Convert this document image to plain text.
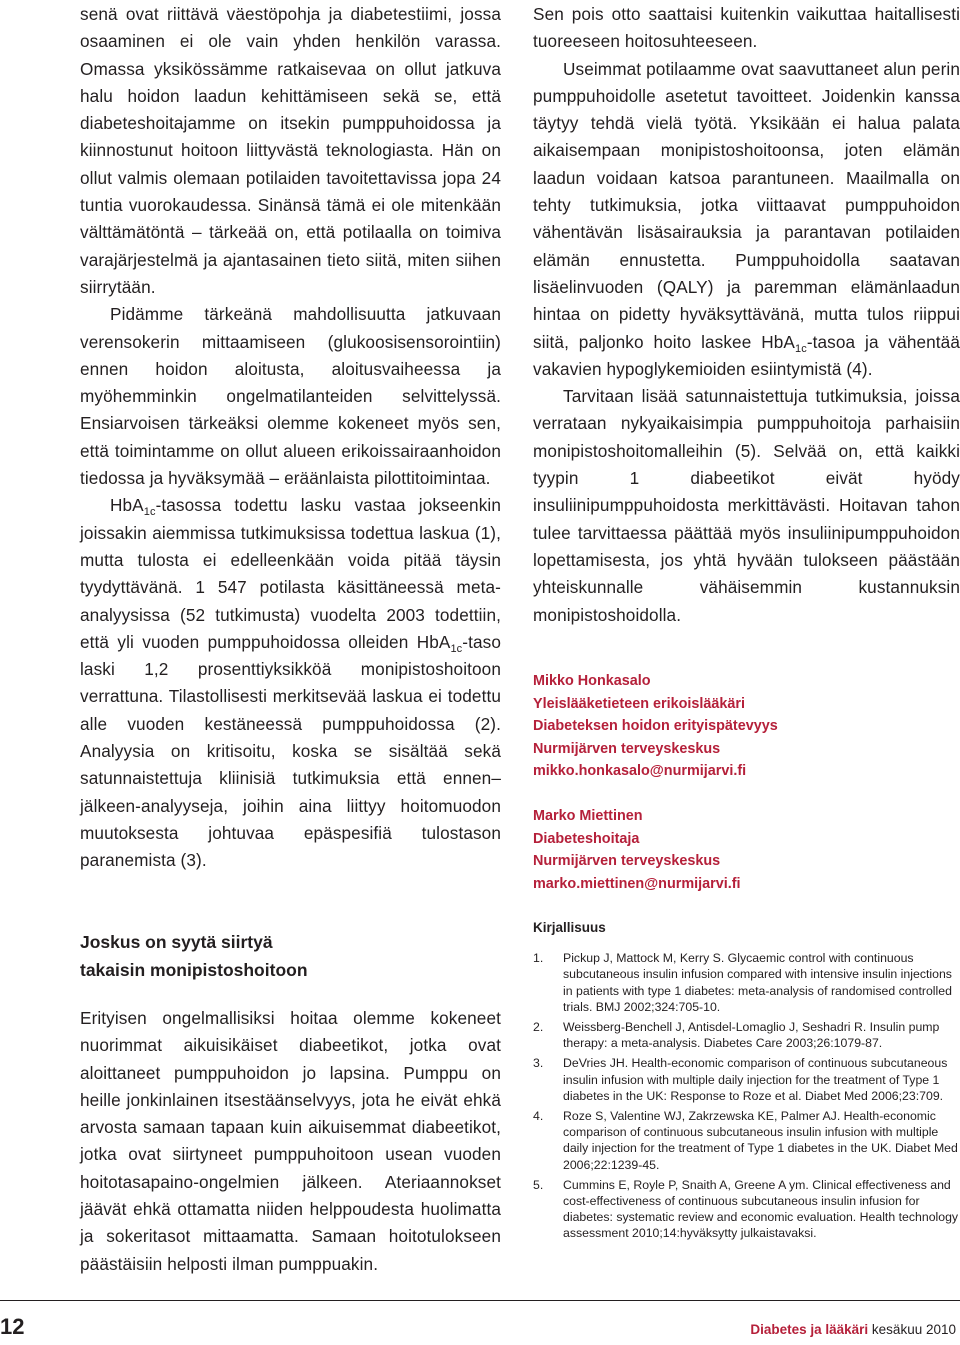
senä ovat riittävä väestöpohja ja diabetestiimi, jossa osaaminen ei ole vain yhden henkilön varassa. Omassa yksikössämme ratkaisevaa on ollut jatkuva halu hoidon laadun kehittämiseen sekä se, että diabeteshoitajamme on itsekin pumppuhoidossa ja kiinnostunut hoitoon liittyvästä teknologiasta. Hän on ollut valmis olemaan potilaiden tavoitettavissa jopa 24 tuntia vuorokaudessa. Sinänsä tämä ei ole mitenkään välttämätöntä – tärkeää on, että potilaalla on toimiva varajärjestelmä ja ajantasainen tieto siitä, miten siihen siirrytään.

Pidämme tärkeänä mahdollisuutta jatkuvaan verensokerin mittaamiseen (glukoosisensorointiin) ennen hoidon aloitusta, aloitusvaiheessa ja myöhemminkin ongelmatilanteiden selvittelyssä. Ensiarvoisen tärkeäksi olemme kokeneet myös sen, että toimintamme on ollut alueen erikoissairaanhoidon tiedossa ja hyväksymää – eräänlaista pilottitoimintaa.

HbA$_{1c}$-tasossa todettu lasku vastaa jokseenkin joissakin aiemmissa tutkimuksissa todettua laskua (1), mutta tulosta ei edelleenkään voida pitää täysin tyydyttävänä. 1 547 potilasta käsittäneessä meta-analyysissa (52 tutkimusta) vuodelta 2003 todettiin, että yli vuoden pumppuhoidossa olleiden HbA$_{1c}$-taso laski 1,2 prosenttiyksikköä monipistoshoitoon verrattuna. Tilastollisesti merkitsevää laskua ei todettu alle vuoden kestäneessä pumppuhoidossa (2). Analyysia on kritisoitu, koska se sisältää sekä satunnaistettuja kliinisiä tutkimuksia että ennen–jälkeen-analyyseja, joihin aina liittyy hoitomuodon muutoksesta johtuvaa epäspesifiä tulostason paranemista (3).

Joskus on syytä siirtyä
takaisin monipistoshoitoon

Erityisen ongelmallisiksi hoitaa olemme kokeneet nuorimmat aikuisikäiset diabeetikot, jotka ovat aloittaneet pumppuhoidon jo lapsina. Pumppu on heille jonkinlainen itsestäänselvyys, jota he eivät ehkä arvosta samaan tapaan kuin aikuisemmat diabeetikot, jotka ovat siirtyneet pumppuhoitoon usean vuoden hoitotasapaino-ongelmien jälkeen. Ateriaannokset jäävät ehkä ottamatta niiden helppoudesta huolimatta ja sokeritasot mittaamatta. Samaan hoitotulokseen päästäisiin helposti ilman pumppuakin.

Sen pois otto saattaisi kuitenkin vaikuttaa haitallisesti tuoreeseen hoitosuhteeseen.

Useimmat potilaamme ovat saavuttaneet alun perin pumppuhoidolle asetetut tavoitteet. Joidenkin kanssa täytyy tehdä vielä työtä. Yksikään ei halua palata aikaisempaan monipistoshoitoonsa, joten elämän laadun voidaan katsoa parantuneen. Maailmalla on tehty tutkimuksia, jotka viittaavat pumppuhoidon vähentävän lisäsairauksia ja parantavan potilaiden elämän ennustetta. Pumppuhoidolla saatavan lisäelinvuoden (QALY) ja paremman elämänlaadun hintaa on pidetty hyväksyttävänä, mutta tulos riippui siitä, paljonko hoito laskee HbA$_{1c}$-tasoa ja vähentää vakavien hypoglykemioiden esiintymistä (4).

Tarvitaan lisää satunnaistettuja tutkimuksia, joissa verrataan nykyaikaisimpia pumppuhoitoja parhaisiin monipistoshoitomalleihin (5). Selvää on, että kaikki tyypin 1 diabeetikot eivät hyödy insuliinipumppuhoidosta merkittävästi. Hoitavan tahon tulee tarvittaessa päättää myös insuliinipumppuhoidon lopettamisesta, jos yhtä hyvään tulokseen päästään yhteiskunnalle vähäisemmin kustannuksin monipistoshoidolla.

Mikko Honkasalo
Yleislääketieteen erikoislääkäri
Diabeteksen hoidon erityispätevyys
Nurmijärven terveyskeskus
mikko.honkasalo@nurmijarvi.fi
Marko Miettinen
Diabeteshoitaja
Nurmijärven terveyskeskus
marko.miettinen@nurmijarvi.fi
Kirjallisuus
1.	Pickup J, Mattock M, Kerry S. Glycaemic control with continuous subcutaneous insulin infusion compared with intensive insulin injections in patients with type 1 diabetes: meta-analysis of randomised controlled trials. BMJ 2002;324:705-10.
2.	Weissberg-Benchell J, Antisdel-Lomaglio J, Seshadri R. Insulin pump therapy: a meta-analysis. Diabetes Care 2003;26:1079-87.
3.	DeVries JH. Health-economic comparison of continuous subcutaneous insulin infusion with multiple daily injection for the treatment of Type 1 diabetes in the UK: Response to Roze et al. Diabet Med 2006;23:709.
4.	Roze S, Valentine WJ, Zakrzewska KE, Palmer AJ. Health-economic comparison of continuous subcutaneous insulin infusion with multiple daily injection for the treatment of Type 1 diabetes in the UK. Diabet Med 2006;22:1239-45.
5.	Cummins E, Royle P, Snaith A, Greene A ym. Clinical effectiveness and cost-effectiveness of continuous subcutaneous insulin infusion for diabetes: systematic review and economic evaluation. Health technology assessment 2010;14:hyväksytty julkaistavaksi.
12	Diabetes ja lääkäri kesäkuu 2010
